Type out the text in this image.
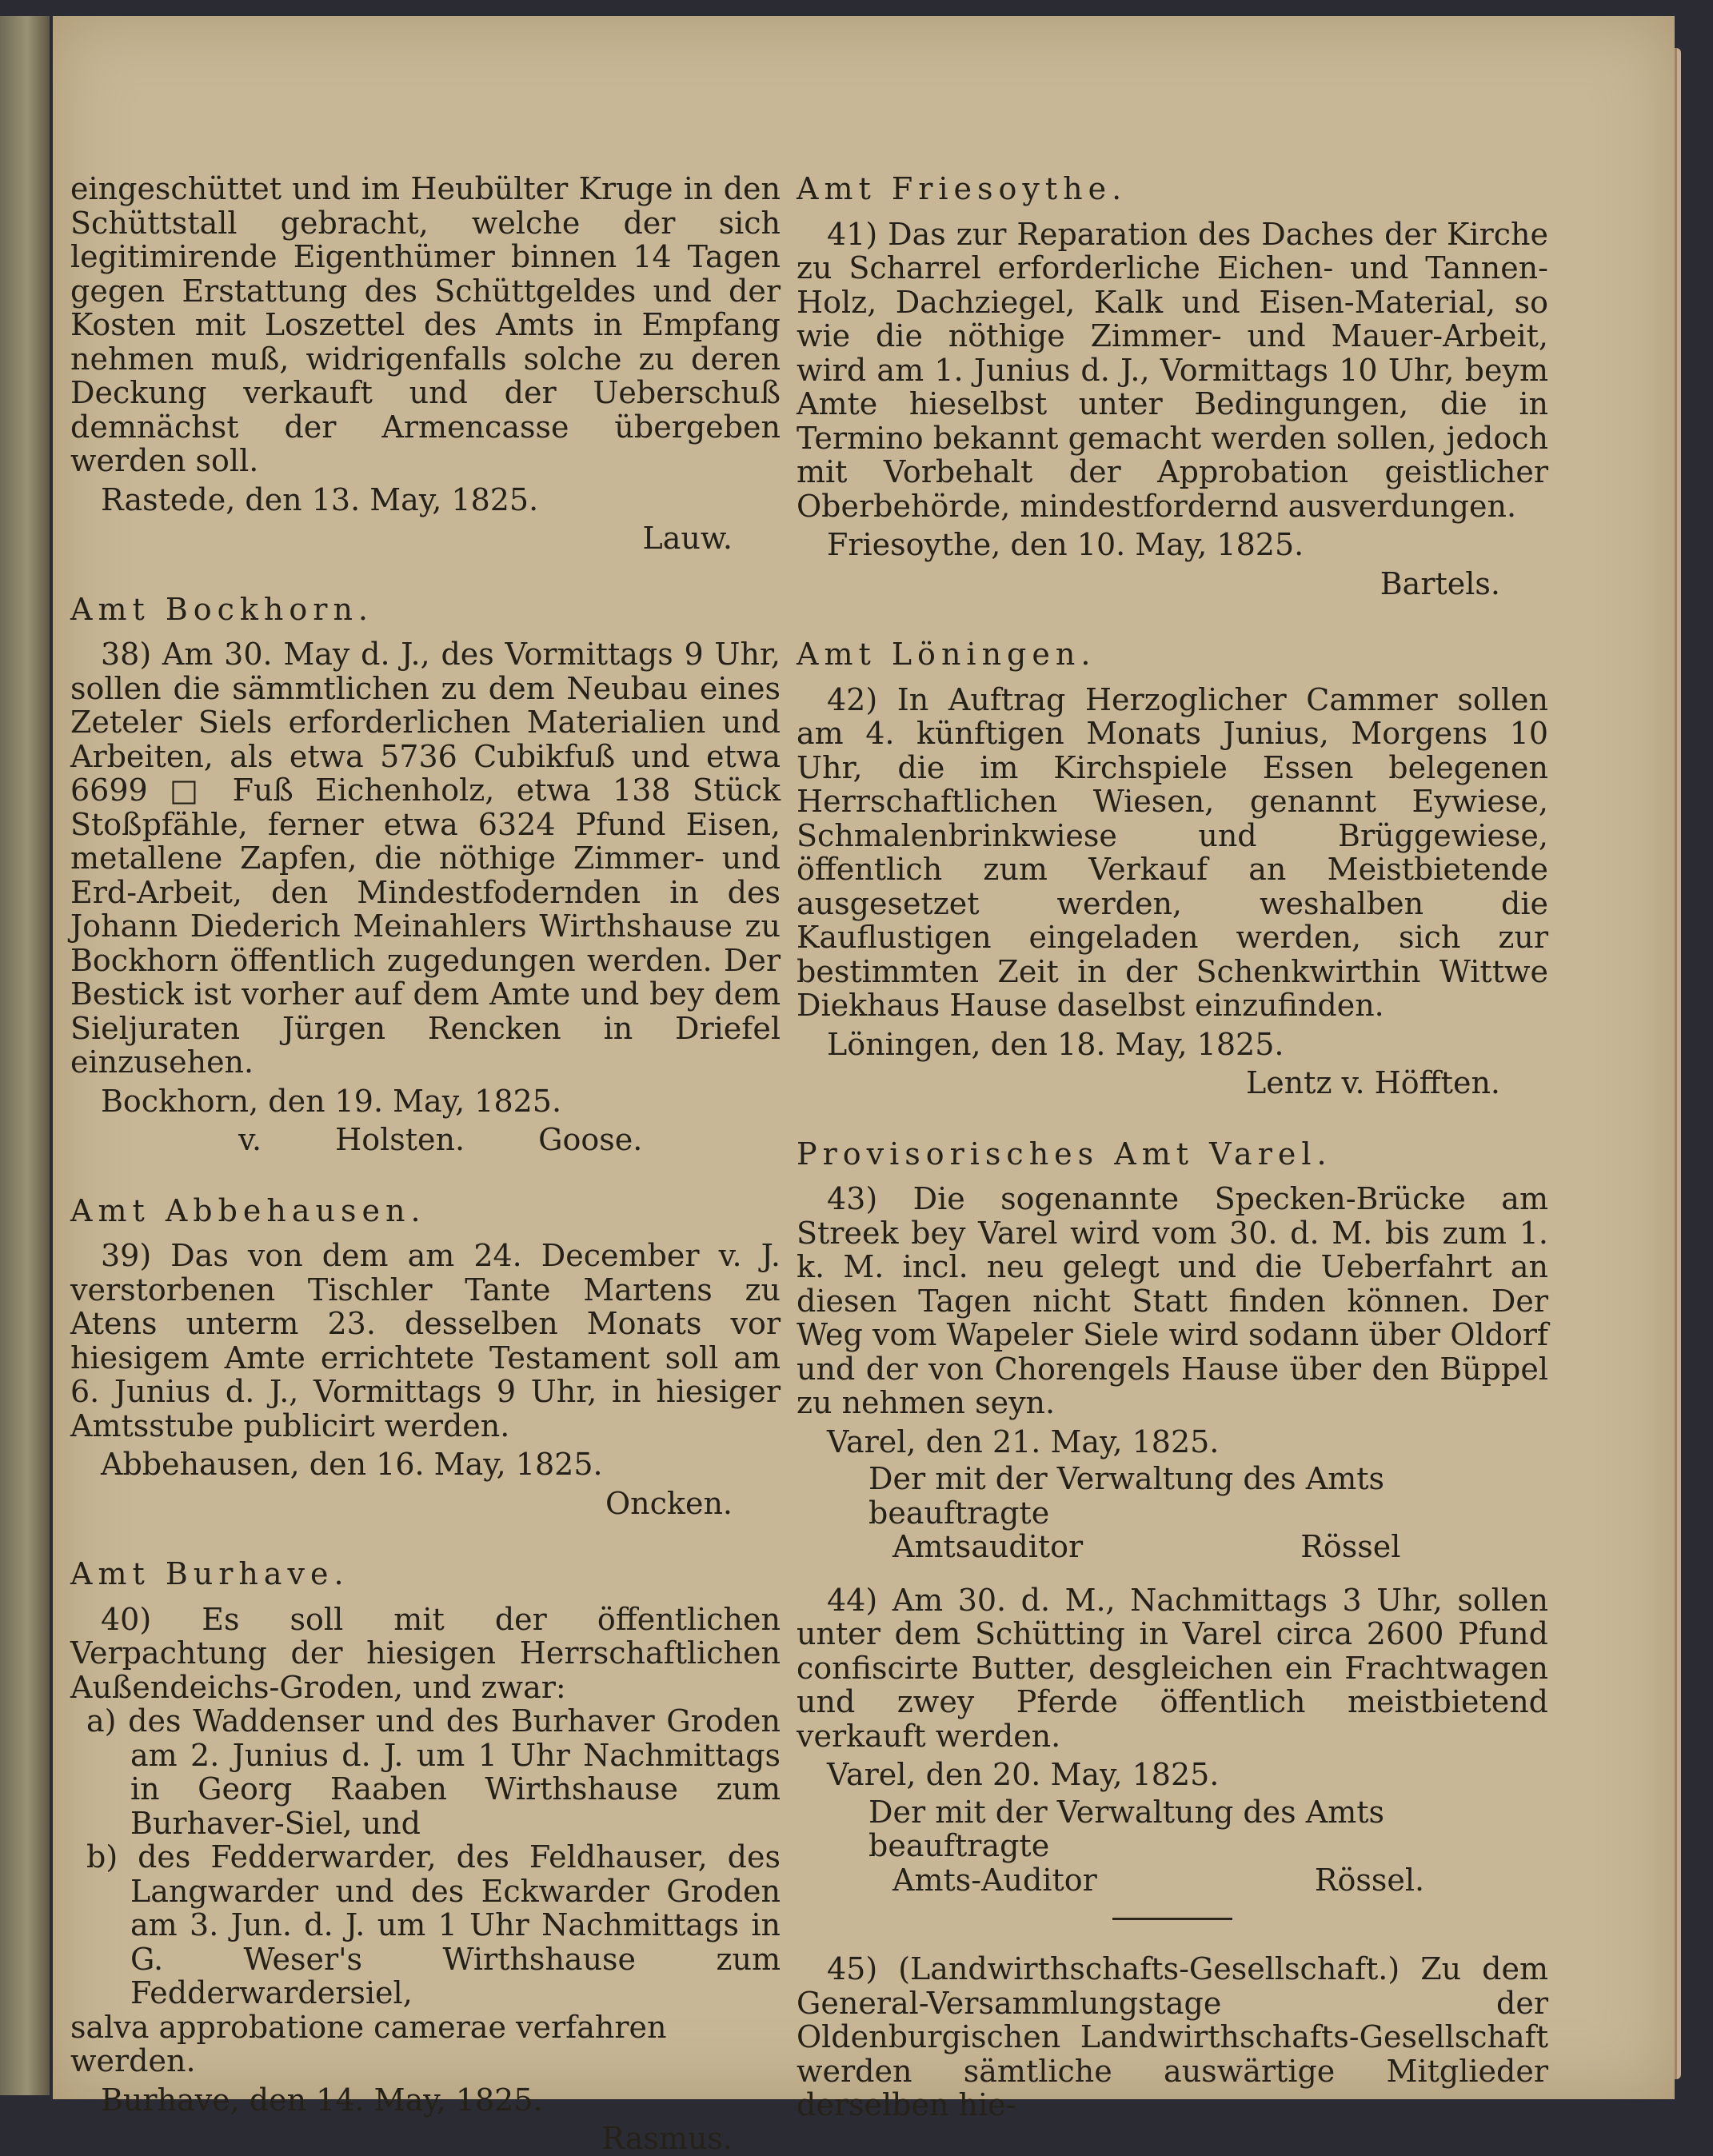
eingeschüttet und im Heubülter Kruge in den Schüttstall gebracht, welche der sich legitimirende Eigenthümer binnen 14 Tagen gegen Erstattung des Schüttgeldes und der Kosten mit Loszettel des Amts in Empfang nehmen muß, widrigenfalls solche zu deren Deckung verkauft und der Ueberschuß demnächst der Armencasse übergeben werden soll.

Rastede, den 13. May, 1825.
Lauw.
Amt Bockhorn.

38) Am 30. May d. J., des Vormittags 9 Uhr, sollen die sämmtlichen zu dem Neubau eines Zeteler Siels erforderlichen Materialien und Arbeiten, als etwa 5736 Cubikfuß und etwa 6699 □ Fuß Eichenholz, etwa 138 Stück Stoßpfähle, ferner etwa 6324 Pfund Eisen, metallene Zapfen, die nöthige Zimmer- und Erd-Arbeit, den Mindestfodernden in des Johann Diederich Meinahlers Wirthshause zu Bockhorn öffentlich zugedungen werden. Der Bestick ist vorher auf dem Amte und bey dem Sieljuraten Jürgen Rencken in Driefel einzusehen.

Bockhorn, den 19. May, 1825.
v. Holsten. Goose.
Amt Abbehausen.

39) Das von dem am 24. December v. J. verstorbenen Tischler Tante Martens zu Atens unterm 23. desselben Monats vor hiesigem Amte errichtete Testament soll am 6. Junius d. J., Vormittags 9 Uhr, in hiesiger Amtsstube publicirt werden.

Abbehausen, den 16. May, 1825.
Oncken.
Amt Burhave.

40) Es soll mit der öffentlichen Verpachtung der hiesigen Herrschaftlichen Außendeichs-Groden, und zwar:

a) des Waddenser und des Burhaver Groden am 2. Junius d. J. um 1 Uhr Nachmittags in Georg Raaben Wirthshause zum Burhaver-Siel, und

b) des Fedderwarder, des Feldhauser, des Langwarder und des Eckwarder Groden am 3. Jun. d. J. um 1 Uhr Nachmittags in G. Weser's Wirthshause zum Fedderwardersiel,

salva approbatione camerae verfahren werden.

Burhave, den 14. May, 1825.
Rasmus.
Amt Friesoythe.

41) Das zur Reparation des Daches der Kirche zu Scharrel erforderliche Eichen- und Tannen-Holz, Dachziegel, Kalk und Eisen-Material, so wie die nöthige Zimmer- und Mauer-Arbeit, wird am 1. Junius d. J., Vormittags 10 Uhr, beym Amte hieselbst unter Bedingungen, die in Termino bekannt gemacht werden sollen, jedoch mit Vorbehalt der Approbation geistlicher Oberbehörde, mindestfordernd ausverdungen.

Friesoythe, den 10. May, 1825.
Bartels.
Amt Löningen.

42) In Auftrag Herzoglicher Cammer sollen am 4. künftigen Monats Junius, Morgens 10 Uhr, die im Kirchspiele Essen belegenen Herrschaftlichen Wiesen, genannt Eywiese, Schmalenbrinkwiese und Brüggewiese, öffentlich zum Verkauf an Meistbietende ausgesetzet werden, weshalben die Kauflustigen eingeladen werden, sich zur bestimmten Zeit in der Schenkwirthin Wittwe Diekhaus Hause daselbst einzufinden.

Löningen, den 18. May, 1825.
Lentz v. Höfften.
Provisorisches Amt Varel.

43) Die sogenannte Specken-Brücke am Streek bey Varel wird vom 30. d. M. bis zum 1. k. M. incl. neu gelegt und die Ueberfahrt an diesen Tagen nicht Statt finden können. Der Weg vom Wapeler Siele wird sodann über Oldorf und der von Chorengels Hause über den Büppel zu nehmen seyn.

Varel, den 21. May, 1825.
Der mit der Verwaltung des Amts beauftragte
Amtsauditor Rössel

44) Am 30. d. M., Nachmittags 3 Uhr, sollen unter dem Schütting in Varel circa 2600 Pfund confiscirte Butter, desgleichen ein Frachtwagen und zwey Pferde öffentlich meistbietend verkauft werden.

Varel, den 20. May, 1825.
Der mit der Verwaltung des Amts beauftragte
Amts-Auditor Rössel.

45) (Landwirthschafts-Gesellschaft.) Zu dem General-Versammlungstage der Oldenburgischen Landwirthschafts-Gesellschaft werden sämtliche auswärtige Mitglieder derselben hie-
